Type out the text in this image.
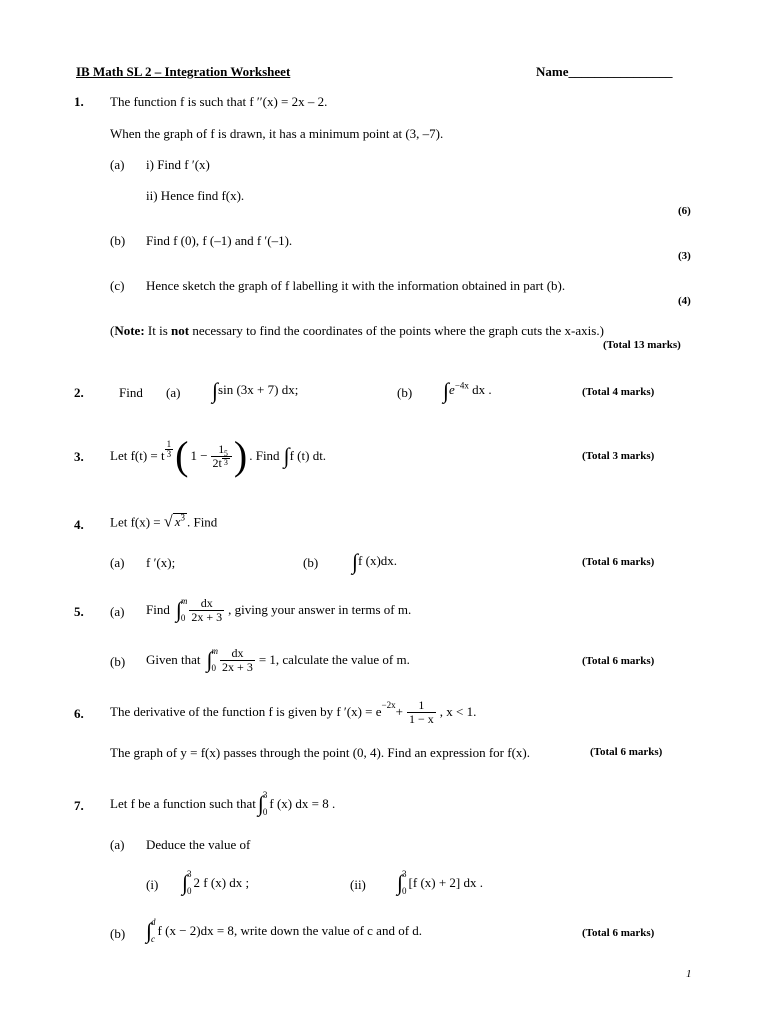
IB Math SL 2 – Integration Worksheet	Name________________
1. The function f is such that f ′′(x) = 2x – 2.
When the graph of f is drawn, it has a minimum point at (3, –7).
(a) i) Find f ′(x)
ii) Hence find f(x).
(6)
(b) Find f (0), f (–1) and f ′(–1).
(3)
(c) Hence sketch the graph of f labelling it with the information obtained in part (b).
(4)
(Note: It is not necessary to find the coordinates of the points where the graph cuts the x-axis.)
(Total 13 marks)
2.	Find (a) ∫sin (3x + 7) dx;	(b) $\int e^{-4x}$ dx .	(Total 4 marks)
3. Let f(t) = t $\frac{1}{3}$ ( $1 - \frac{1}{2t \frac{5}{3}}$ ) . Find ∫ f (t) dt.	(Total 3 marks)
4. Let f(x) = √ $x^3$ . Find
(a) f ′(x);	(b) ∫f (x)dx.	(Total 6 marks)
5. (a) Find ∫ m
$0 \frac{dx}{2x + 3}$ , giving your answer in terms of m.
(b) Given that ∫ m
$0 \frac{dx}{2x + 3} = 1$, calculate the value of m.	(Total 6 marks)
6. The derivative of the function f is given by f $'(x) = e^{-2x} + \frac{1}{1 - x}$ , x < 1.
The graph of y = f(x) passes through the point (0, 4). Find an expression for f(x).	(Total 6 marks)
7. Let f be a function such that ∫ 3
0
f (x) dx = 8 .
(a) Deduce the value of
(i) ∫ 3
0
2 f (x) dx ;	(ii) ∫ 3
0
[f (x) + 2] dx .
(b) ∫ d
c
f (x − 2)dx = 8 , write down the value of c and of d.	(Total 6 marks)
1
